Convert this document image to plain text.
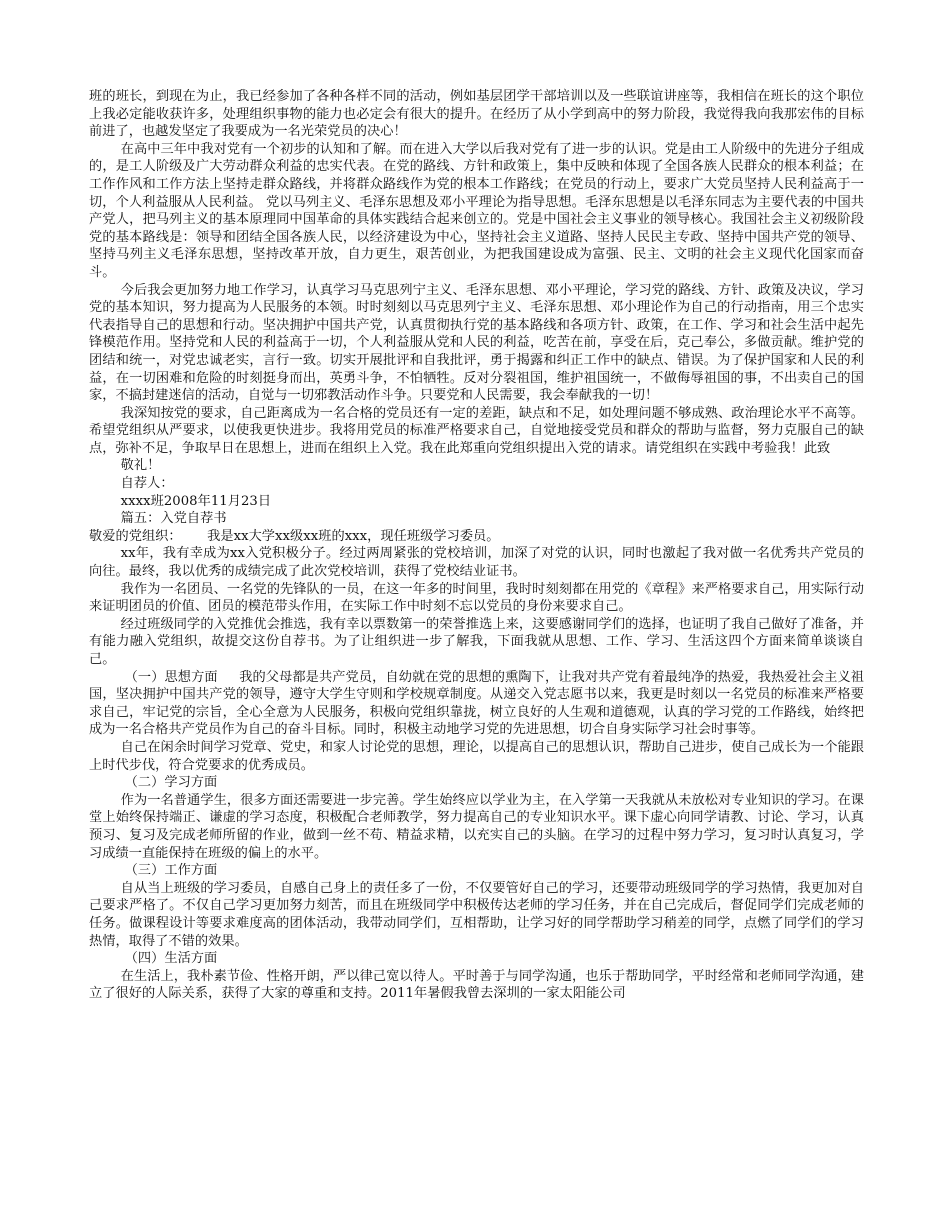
班的班长，到现在为止，我已经参加了各种各样不同的活动，例如基层团学干部培训以及一些联谊讲座等，我相信在班长的这个职位上我必定能收获许多，处理组织事物的能力也必定会有很大的提升。在经历了从小学到高中的努力阶段，我觉得我向我那宏伟的目标前进了，也越发坚定了我要成为一名光荣党员的决心！

在高中三年中我对党有一个初步的认知和了解。而在进入大学以后我对党有了进一步的认识。党是由工人阶级中的先进分子组成的，是工人阶级及广大劳动群众利益的忠实代表。在党的路线、方针和政策上，集中反映和体现了全国各族人民群众的根本利益；在工作作风和工作方法上坚持走群众路线，并将群众路线作为党的根本工作路线；在党员的行动上，要求广大党员坚持人民利益高于一切，个人利益服从人民利益。 党以马列主义、毛泽东思想及邓小平理论为指导思想。毛泽东思想是以毛泽东同志为主要代表的中国共产党人，把马列主义的基本原理同中国革命的具体实践结合起来创立的。党是中国社会主义事业的领导核心。我国社会主义初级阶段党的基本路线是：领导和团结全国各族人民，以经济建设为中心，坚持社会主义道路、坚持人民民主专政、坚持中国共产党的领导、坚持马列主义毛泽东思想，坚持改革开放，自力更生，艰苦创业，为把我国建设成为富强、民主、文明的社会主义现代化国家而奋斗。

今后我会更加努力地工作学习，认真学习马克思列宁主义、毛泽东思想、邓小平理论，学习党的路线、方针、政策及决议，学习党的基本知识，努力提高为人民服务的本领。时时刻刻以马克思列宁主义、毛泽东思想、邓小理论作为自己的行动指南，用三个忠实代表指导自己的思想和行动。坚决拥护中国共产党，认真贯彻执行党的基本路线和各项方针、政策，在工作、学习和社会生活中起先锋模范作用。坚持党和人民的利益高于一切，个人利益服从党和人民的利益，吃苦在前，享受在后，克己奉公，多做贡献。维护党的团结和统一，对党忠诚老实，言行一致。切实开展批评和自我批评，勇于揭露和纠正工作中的缺点、错误。为了保护国家和人民的利益，在一切困难和危险的时刻挺身而出，英勇斗争，不怕牺牲。反对分裂祖国，维护祖国统一，不做侮辱祖国的事，不出卖自己的国家，不搞封建迷信的活动，自觉与一切邪教活动作斗争。只要党和人民需要，我会奉献我的一切！

我深知按党的要求，自己距离成为一名合格的党员还有一定的差距，缺点和不足，如处理问题不够成熟、政治理论水平不高等。希望党组织从严要求，以使我更快进步。我将用党员的标准严格要求自己，自觉地接受党员和群众的帮助与监督，努力克服自己的缺点，弥补不足，争取早日在思想上，进而在组织上入党。我在此郑重向党组织提出入党的请求。请党组织在实践中考验我！此致

敬礼！

自荐人：

xxxx班2008年11月23日

篇五：入党自荐书

敬爱的党组织：      我是xx大学xx级xx班的xxx，现任班级学习委员。

xx年，我有幸成为xx入党积极分子。经过两周紧张的党校培训，加深了对党的认识，同时也激起了我对做一名优秀共产党员的向往。最终，我以优秀的成绩完成了此次党校培训，获得了党校结业证书。

我作为一名团员、一名党的先锋队的一员，在这一年多的时间里，我时时刻刻都在用党的《章程》来严格要求自己，用实际行动来证明团员的价值、团员的模范带头作用，在实际工作中时刻不忘以党员的身份来要求自己。

经过班级同学的入党推优会推选，我有幸以票数第一的荣誉推选上来，这要感谢同学们的选择，也证明了我自己做好了准备，并有能力融入党组织，故提交这份自荐书。为了让组织进一步了解我，下面我就从思想、工作、学习、生活这四个方面来简单谈谈自己。

（一）思想方面     我的父母都是共产党员，自幼就在党的思想的熏陶下，让我对共产党有着最纯净的热爱，我热爱社会主义祖国，坚决拥护中国共产党的领导，遵守大学生守则和学校规章制度。从递交入党志愿书以来，我更是时刻以一名党员的标准来严格要求自己，牢记党的宗旨，全心全意为人民服务，积极向党组织靠拢，树立良好的人生观和道德观，认真的学习党的工作路线，始终把成为一名合格共产党员作为自己的奋斗目标。同时，积极主动地学习党的先进思想，切合自身实际学习社会时事等。

自己在闲余时间学习党章、党史，和家人讨论党的思想，理论，以提高自己的思想认识，帮助自己进步，使自己成长为一个能跟上时代步伐，符合党要求的优秀成员。

（二）学习方面

作为一名普通学生，很多方面还需要进一步完善。学生始终应以学业为主，在入学第一天我就从未放松对专业知识的学习。在课堂上始终保持端正、谦虚的学习态度，积极配合老师教学，努力提高自己的专业知识水平。课下虚心向同学请教、讨论、学习，认真预习、复习及完成老师所留的作业，做到一丝不苟、精益求精，以充实自己的头脑。在学习的过程中努力学习，复习时认真复习，学习成绩一直能保持在班级的偏上的水平。

（三）工作方面

自从当上班级的学习委员，自感自己身上的责任多了一份，不仅要管好自己的学习，还要带动班级同学的学习热情，我更加对自己要求严格了。不仅自己学习更加努力刻苦，而且在班级同学中积极传达老师的学习任务，并在自己完成后，督促同学们完成老师的任务。做课程设计等要求难度高的团体活动，我带动同学们，互相帮助，让学习好的同学帮助学习稍差的同学，点燃了同学们的学习热情，取得了不错的效果。

（四）生活方面

在生活上，我朴素节俭、性格开朗，严以律己宽以待人。平时善于与同学沟通，也乐于帮助同学，平时经常和老师同学沟通，建立了很好的人际关系，获得了大家的尊重和支持。2011年暑假我曾去深圳的一家太阳能公司
